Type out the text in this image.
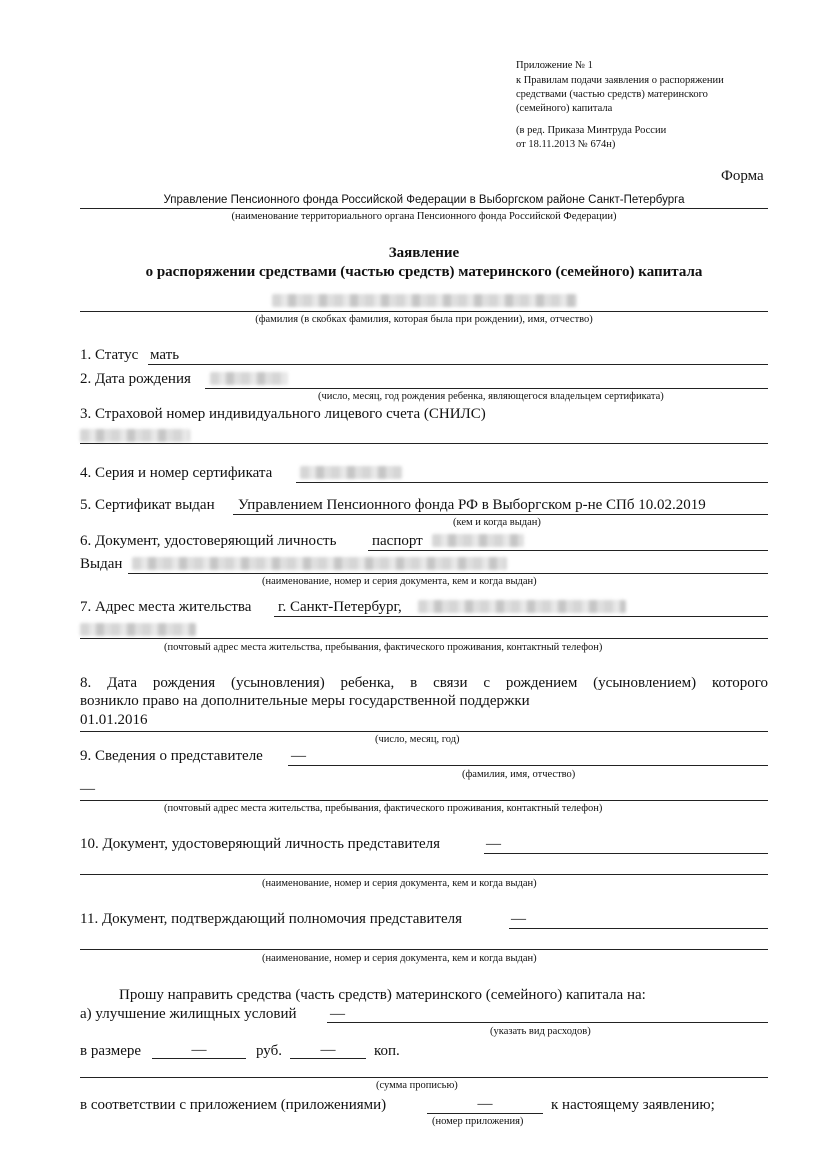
Приложение № 1
к Правилам подачи заявления о распоряжении
средствами (частью средств) материнского
(семейного) капитала
(в ред. Приказа Минтруда России
от 18.11.2013 № 674н)
Форма
Управление Пенсионного фонда Российской Федерации в Выборгском районе Санкт-Петербурга
(наименование территориального органа Пенсионного фонда Российской Федерации)
Заявление
о распоряжении средствами (частью средств) материнского (семейного) капитала
(фамилия (в скобках фамилия, которая была при рождении), имя, отчество)
1. Статус мать
2. Дата рождения
(число, месяц, год рождения ребенка, являющегося владельцем сертификата)
3. Страховой номер индивидуального лицевого счета (СНИЛС)
4. Серия и номер сертификата
5. Сертификат выдан Управлением Пенсионного фонда РФ в Выборгском р-не СПб 10.02.2019
(кем и когда выдан)
6. Документ, удостоверяющий личность паспорт
Выдан
(наименование, номер и серия документа, кем и когда выдан)
7. Адрес места жительства г. Санкт-Петербург,
(почтовый адрес места жительства, пребывания, фактического проживания, контактный телефон)
8. Дата рождения (усыновления) ребенка, в связи с рождением (усыновлением) которого
возникло право на дополнительные меры государственной поддержки
01.01.2016
(число, месяц, год)
9. Сведения о представителе —
(фамилия, имя, отчество)
—
(почтовый адрес места жительства, пребывания, фактического проживания, контактный телефон)
10. Документ, удостоверяющий личность представителя	—
(наименование, номер и серия документа, кем и когда выдан)
11. Документ, подтверждающий полномочия представителя	—
(наименование, номер и серия документа, кем и когда выдан)
Прошу направить средства (часть средств) материнского (семейного) капитала на:
а) улучшение жилищных условий —
(указать вид расходов)
в размере	—	руб.	—	коп.
(сумма прописью)
в соответствии с приложением (приложениями)	—	к настоящему заявлению;
(номер приложения)
